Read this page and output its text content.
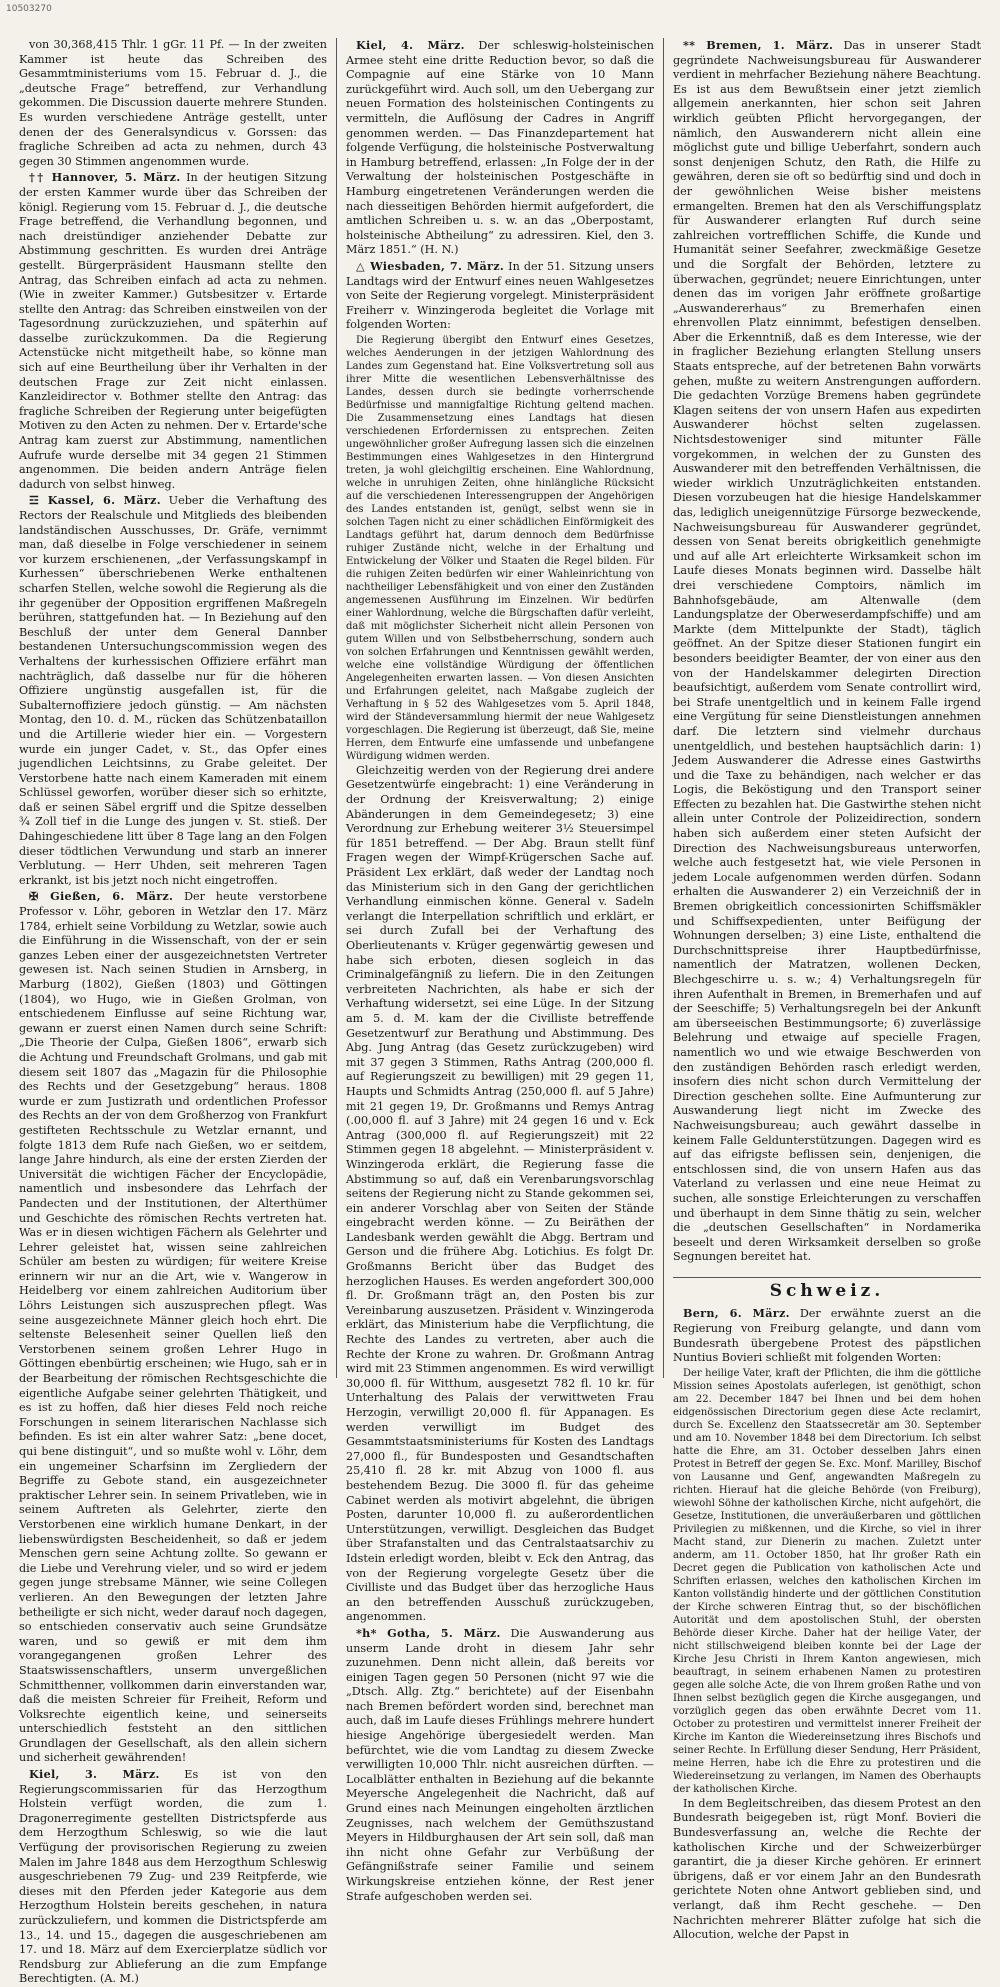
10503270

von 30,368,415 Thlr. 1 gGr. 11 Pf. — In der zweiten Kammer ist heute das Schreiben des Gesammtministeriums vom 15. Februar d. J., die „deutsche Frage“ betreffend, zur Verhandlung gekommen. Die Discussion dauerte mehrere Stunden. Es wurden verschiedene Anträge gestellt, unter denen der des Generalsyndicus v. Gorssen: das fragliche Schreiben ad acta zu nehmen, durch 43 gegen 30 Stimmen angenommen wurde.

†† Hannover, 5. März. In der heutigen Sitzung der ersten Kammer wurde über das Schreiben der königl. Regierung vom 15. Februar d. J., die deutsche Frage betreffend, die Verhandlung begonnen, und nach dreistündiger anziehender Debatte zur Abstimmung geschritten. Es wurden drei Anträge gestellt. Bürgerpräsident Hausmann stellte den Antrag, das Schreiben einfach ad acta zu nehmen. (Wie in zweiter Kammer.) Gutsbesitzer v. Ertarde stellte den Antrag: das Schreiben einstweilen von der Tagesordnung zurückzuziehen, und späterhin auf dasselbe zurückzukommen. Da die Regierung Actenstücke nicht mitgetheilt habe, so könne man sich auf eine Beurtheilung über ihr Verhalten in der deutschen Frage zur Zeit nicht einlassen. Kanzleidirector v. Bothmer stellte den Antrag: das fragliche Schreiben der Regierung unter beigefügten Motiven zu den Acten zu nehmen. Der v. Ertarde'sche Antrag kam zuerst zur Abstimmung, namentlichen Aufrufe wurde derselbe mit 34 gegen 21 Stimmen angenommen. Die beiden andern Anträge fielen dadurch von selbst hinweg.

☲ Kassel, 6. März. Ueber die Verhaftung des Rectors der Realschule und Mitglieds des bleibenden landständischen Ausschusses, Dr. Gräfe, vernimmt man, daß dieselbe in Folge verschiedener in seinem vor kurzem erschienenen, „der Verfassungskampf in Kurhessen“ überschriebenen Werke enthaltenen scharfen Stellen, welche sowohl die Regierung als die ihr gegenüber der Opposition ergriffenen Maßregeln berühren, stattgefunden hat. — In Beziehung auf den Beschluß der unter dem General Dannber bestandenen Untersuchungscommission wegen des Verhaltens der kurhessischen Offiziere erfährt man nachträglich, daß dasselbe nur für die höheren Offiziere ungünstig ausgefallen ist, für die Subalternoffiziere jedoch günstig. — Am nächsten Montag, den 10. d. M., rücken das Schützenbataillon und die Artillerie wieder hier ein. — Vorgestern wurde ein junger Cadet, v. St., das Opfer eines jugendlichen Leichtsinns, zu Grabe geleitet. Der Verstorbene hatte nach einem Kameraden mit einem Schlüssel geworfen, worüber dieser sich so erhitzte, daß er seinen Säbel ergriff und die Spitze desselben ¾ Zoll tief in die Lunge des jungen v. St. stieß. Der Dahingeschiedene litt über 8 Tage lang an den Folgen dieser tödtlichen Verwundung und starb an innerer Verblutung. — Herr Uhden, seit mehreren Tagen erkrankt, ist bis jetzt noch nicht eingetroffen.

✠ Gießen, 6. März. Der heute verstorbene Professor v. Löhr, geboren in Wetzlar den 17. März 1784, erhielt seine Vorbildung zu Wetzlar, sowie auch die Einführung in die Wissenschaft, von der er sein ganzes Leben einer der ausgezeichnetsten Vertreter gewesen ist. Nach seinen Studien in Arnsberg, in Marburg (1802), Gießen (1803) und Göttingen (1804), wo Hugo, wie in Gießen Grolman, von entschiedenem Einflusse auf seine Richtung war, gewann er zuerst einen Namen durch seine Schrift: „Die Theorie der Culpa, Gießen 1806“, erwarb sich die Achtung und Freundschaft Grolmans, und gab mit diesem seit 1807 das „Magazin für die Philosophie des Rechts und der Gesetzgebung“ heraus. 1808 wurde er zum Justizrath und ordentlichen Professor des Rechts an der von dem Großherzog von Frankfurt gestifteten Rechtsschule zu Wetzlar ernannt, und folgte 1813 dem Rufe nach Gießen, wo er seitdem, lange Jahre hindurch, als eine der ersten Zierden der Universität die wichtigen Fächer der Encyclopädie, namentlich und insbesondere das Lehrfach der Pandecten und der Institutionen, der Alterthümer und Geschichte des römischen Rechts vertreten hat. Was er in diesen wichtigen Fächern als Gelehrter und Lehrer geleistet hat, wissen seine zahlreichen Schüler am besten zu würdigen; für weitere Kreise erinnern wir nur an die Art, wie v. Wangerow in Heidelberg vor einem zahlreichen Auditorium über Löhrs Leistungen sich auszusprechen pflegt. Was seine ausgezeichnete Männer gleich hoch ehrt. Die seltenste Belesenheit seiner Quellen ließ den Verstorbenen seinem großen Lehrer Hugo in Göttingen ebenbürtig erscheinen; wie Hugo, sah er in der Bearbeitung der römischen Rechtsgeschichte die eigentliche Aufgabe seiner gelehrten Thätigkeit, und es ist zu hoffen, daß hier dieses Feld noch reiche Forschungen in seinem literarischen Nachlasse sich befinden. Es ist ein alter wahrer Satz: „bene docet, qui bene distinguit“, und so mußte wohl v. Löhr, dem ein ungemeiner Scharfsinn im Zergliedern der Begriffe zu Gebote stand, ein ausgezeichneter praktischer Lehrer sein. In seinem Privatleben, wie in seinem Auftreten als Gelehrter, zierte den Verstorbenen eine wirklich humane Denkart, in der liebenswürdigsten Bescheidenheit, so daß er jedem Menschen gern seine Achtung zollte. So gewann er die Liebe und Verehrung vieler, und so wird er jedem gegen junge strebsame Männer, wie seine Collegen verlieren. An den Bewegungen der letzten Jahre betheiligte er sich nicht, weder darauf noch dagegen, so entschieden conservativ auch seine Grundsätze waren, und so gewiß er mit dem ihm vorangegangenen großen Lehrer des Staatswissenschaftlers, unserm unvergeßlichen Schmitthenner, vollkommen darin einverstanden war, daß die meisten Schreier für Freiheit, Reform und Volksrechte eigentlich keine, und seinerseits unterschiedlich feststeht an den sittlichen Grundlagen der Gesellschaft, als den allein sichern und sicherheit gewährenden!

Kiel, 3. März. Es ist von den Regierungscommissarien für das Herzogthum Holstein verfügt worden, die zum 1. Dragonerregimente gestellten Districtspferde aus dem Herzogthum Schleswig, so wie die laut Verfügung der provisorischen Regierung zu zweien Malen im Jahre 1848 aus dem Herzogthum Schleswig ausgeschriebenen 79 Zug- und 239 Reitpferde, wie dieses mit den Pferden jeder Kategorie aus dem Herzogthum Holstein bereits geschehen, in natura zurückzuliefern, und kommen die Districtspferde am 13., 14. und 15., dagegen die ausgeschriebenen am 17. und 18. März auf dem Exercierplatze südlich vor Rendsburg zur Ablieferung an die zum Empfange Berechtigten. (A. M.)

Kiel, 4. März. Der schleswig-holsteinischen Armee steht eine dritte Reduction bevor, so daß die Compagnie auf eine Stärke von 10 Mann zurückgeführt wird. Auch soll, um den Uebergang zur neuen Formation des holsteinischen Contingents zu vermitteln, die Auflösung der Cadres in Angriff genommen werden. — Das Finanzdepartement hat folgende Verfügung, die holsteinische Postverwaltung in Hamburg betreffend, erlassen: „In Folge der in der Verwaltung der holsteinischen Postgeschäfte in Hamburg eingetretenen Veränderungen werden die nach diesseitigen Behörden hiermit aufgefordert, die amtlichen Schreiben u. s. w. an das „Oberpostamt, holsteinische Abtheilung“ zu adressiren. Kiel, den 3. März 1851.“ (H. N.)

△ Wiesbaden, 7. März. In der 51. Sitzung unsers Landtags wird der Entwurf eines neuen Wahlgesetzes von Seite der Regierung vorgelegt. Ministerpräsident Freiherr v. Winzingeroda begleitet die Vorlage mit folgenden Worten:

Die Regierung übergibt den Entwurf eines Gesetzes, welches Aenderungen in der jetzigen Wahlordnung des Landes zum Gegenstand hat. Eine Volksvertretung soll aus ihrer Mitte die wesentlichen Lebensverhältnisse des Landes, dessen durch sie bedingte vorherrschende Bedürfnisse und mannigfaltige Richtung geltend machen. Die Zusammensetzung eines Landtags hat diesen verschiedenen Erfordernissen zu entsprechen. Zeiten ungewöhnlicher großer Aufregung lassen sich die einzelnen Bestimmungen eines Wahlgesetzes in den Hintergrund treten, ja wohl gleichgiltig erscheinen. Eine Wahlordnung, welche in unruhigen Zeiten, ohne hinlängliche Rücksicht auf die verschiedenen Interessengruppen der Angehörigen des Landes entstanden ist, genügt, selbst wenn sie in solchen Tagen nicht zu einer schädlichen Einförmigkeit des Landtags geführt hat, darum dennoch dem Bedürfnisse ruhiger Zustände nicht, welche in der Erhaltung und Entwickelung der Völker und Staaten die Regel bilden. Für die ruhigen Zeiten bedürfen wir einer Wahleinrichtung von nachtheiliger Lebensfähigkeit und von einer den Zuständen angemessenen Ausführung im Einzelnen. Wir bedürfen einer Wahlordnung, welche die Bürgschaften dafür verleiht, daß mit möglichster Sicherheit nicht allein Personen von gutem Willen und von Selbstbeherrschung, sondern auch von solchen Erfahrungen und Kenntnissen gewählt werden, welche eine vollständige Würdigung der öffentlichen Angelegenheiten erwarten lassen. — Von diesen Ansichten und Erfahrungen geleitet, nach Maßgabe zugleich der Verhaftung in § 52 des Wahlgesetzes vom 5. April 1848, wird der Ständeversammlung hiermit der neue Wahlgesetz vorgeschlagen. Die Regierung ist überzeugt, daß Sie, meine Herren, dem Entwurfe eine umfassende und unbefangene Würdigung widmen werden.

Gleichzeitig werden von der Regierung drei andere Gesetzentwürfe eingebracht: 1) eine Veränderung in der Ordnung der Kreisverwaltung; 2) einige Abänderungen in dem Gemeindegesetz; 3) eine Verordnung zur Erhebung weiterer 3½ Steuersimpel für 1851 betreffend. — Der Abg. Braun stellt fünf Fragen wegen der Wimpf-Krügerschen Sache auf. Präsident Lex erklärt, daß weder der Landtag noch das Ministerium sich in den Gang der gerichtlichen Verhandlung einmischen könne. General v. Sadeln verlangt die Interpellation schriftlich und erklärt, er sei durch Zufall bei der Verhaftung des Oberlieutenants v. Krüger gegenwärtig gewesen und habe sich erboten, diesen sogleich in das Criminalgefängniß zu liefern. Die in den Zeitungen verbreiteten Nachrichten, als habe er sich der Verhaftung widersetzt, sei eine Lüge. In der Sitzung am 5. d. M. kam der die Civilliste betreffende Gesetzentwurf zur Berathung und Abstimmung. Des Abg. Jung Antrag (das Gesetz zurückzugeben) wird mit 37 gegen 3 Stimmen, Raths Antrag (200,000 fl. auf Regierungszeit zu bewilligen) mit 29 gegen 11, Haupts und Schmidts Antrag (250,000 fl. auf 5 Jahre) mit 21 gegen 19, Dr. Großmanns und Remys Antrag (.00,000 fl. auf 3 Jahre) mit 24 gegen 16 und v. Eck Antrag (300,000 fl. auf Regierungszeit) mit 22 Stimmen gegen 18 abgelehnt. — Ministerpräsident v. Winzingeroda erklärt, die Regierung fasse die Abstimmung so auf, daß ein Verenbarungsvorschlag seitens der Regierung nicht zu Stande gekommen sei, ein anderer Vorschlag aber von Seiten der Stände eingebracht werden könne. — Zu Beiräthen der Landesbank werden gewählt die Abgg. Bertram und Gerson und die frühere Abg. Lotichius. Es folgt Dr. Großmanns Bericht über das Budget des herzoglichen Hauses. Es werden angefordert 300,000 fl. Dr. Großmann trägt an, den Posten bis zur Vereinbarung auszusetzen. Präsident v. Winzingeroda erklärt, das Ministerium habe die Verpflichtung, die Rechte des Landes zu vertreten, aber auch die Rechte der Krone zu wahren. Dr. Großmann Antrag wird mit 23 Stimmen angenommen. Es wird verwilligt 30,000 fl. für Witthum, ausgesetzt 782 fl. 10 kr. für Unterhaltung des Palais der verwittweten Frau Herzogin, verwilligt 20,000 fl. für Appanagen. Es werden verwilligt im Budget des Gesammtstaatsministeriums für Kosten des Landtags 27,000 fl., für Bundesposten und Gesandtschaften 25,410 fl. 28 kr. mit Abzug von 1000 fl. aus bestehendem Bezug. Die 3000 fl. für das geheime Cabinet werden als motivirt abgelehnt, die übrigen Posten, darunter 10,000 fl. zu außerordentlichen Unterstützungen, verwilligt. Desgleichen das Budget über Strafanstalten und das Centralstaatsarchiv zu Idstein erledigt worden, bleibt v. Eck den Antrag, das von der Regierung vorgelegte Gesetz über die Civilliste und das Budget über das herzogliche Haus an den betreffenden Ausschuß zurückzugeben, angenommen.

*h* Gotha, 5. März. Die Auswanderung aus unserm Lande droht in diesem Jahr sehr zuzunehmen. Denn nicht allein, daß bereits vor einigen Tagen gegen 50 Personen (nicht 97 wie die „Dtsch. Allg. Ztg.“ berichtete) auf der Eisenbahn nach Bremen befördert worden sind, berechnet man auch, daß im Laufe dieses Frühlings mehrere hundert hiesige Angehörige übergesiedelt werden. Man befürchtet, wie die vom Landtag zu diesem Zwecke verwilligten 10,000 Thlr. nicht ausreichen dürften. — Localblätter enthalten in Beziehung auf die bekannte Meyersche Angelegenheit die Nachricht, daß auf Grund eines nach Meinungen eingeholten ärztlichen Zeugnisses, nach welchem der Gemüthszustand Meyers in Hildburghausen der Art sein soll, daß man ihn nicht ohne Gefahr zur Verbüßung der Gefängnißstrafe seiner Familie und seinem Wirkungskreise entziehen könne, der Rest jener Strafe aufgeschoben werden sei.

** Bremen, 1. März. Das in unserer Stadt gegründete Nachweisungsbureau für Auswanderer verdient in mehrfacher Beziehung nähere Beachtung. Es ist aus dem Bewußtsein einer jetzt ziemlich allgemein anerkannten, hier schon seit Jahren wirklich geübten Pflicht hervorgegangen, der nämlich, den Auswanderern nicht allein eine möglichst gute und billige Ueberfahrt, sondern auch sonst denjenigen Schutz, den Rath, die Hilfe zu gewähren, deren sie oft so bedürftig sind und doch in der gewöhnlichen Weise bisher meistens ermangelten. Bremen hat den als Verschiffungsplatz für Auswanderer erlangten Ruf durch seine zahlreichen vortrefflichen Schiffe, die Kunde und Humanität seiner Seefahrer, zweckmäßige Gesetze und die Sorgfalt der Behörden, letztere zu überwachen, gegründet; neuere Einrichtungen, unter denen das im vorigen Jahr eröffnete großartige „Auswandererhaus“ zu Bremerhafen einen ehrenvollen Platz einnimmt, befestigen denselben. Aber die Erkenntniß, daß es dem Interesse, wie der in fraglicher Beziehung erlangten Stellung unsers Staats entspreche, auf der betretenen Bahn vorwärts gehen, mußte zu weitern Anstrengungen auffordern. Die gedachten Vorzüge Bremens haben gegründete Klagen seitens der von unsern Hafen aus expedirten Auswanderer höchst selten zugelassen. Nichtsdestoweniger sind mitunter Fälle vorgekommen, in welchen der zu Gunsten des Auswanderer mit den betreffenden Verhältnissen, die wieder wirklich Unzuträglichkeiten entstanden. Diesen vorzubeugen hat die hiesige Handelskammer das, lediglich uneigennützige Fürsorge bezweckende, Nachweisungsbureau für Auswanderer gegründet, dessen von Senat bereits obrigkeitlich genehmigte und auf alle Art erleichterte Wirksamkeit schon im Laufe dieses Monats beginnen wird. Dasselbe hält drei verschiedene Comptoirs, nämlich im Bahnhofsgebäude, am Altenwalle (dem Landungsplatze der Oberweserdampfschiffe) und am Markte (dem Mittelpunkte der Stadt), täglich geöffnet. An der Spitze dieser Stationen fungirt ein besonders beeidigter Beamter, der von einer aus den von der Handelskammer delegirten Direction beaufsichtigt, außerdem vom Senate controllirt wird, bei Strafe unentgeltlich und in keinem Falle irgend eine Vergütung für seine Dienstleistungen annehmen darf. Die letztern sind vielmehr durchaus unentgeldlich, und bestehen hauptsächlich darin: 1) Jedem Auswanderer die Adresse eines Gastwirths und die Taxe zu behändigen, nach welcher er das Logis, die Beköstigung und den Transport seiner Effecten zu bezahlen hat. Die Gastwirthe stehen nicht allein unter Controle der Polizeidirection, sondern haben sich außerdem einer steten Aufsicht der Direction des Nachweisungsbureaus unterworfen, welche auch festgesetzt hat, wie viele Personen in jedem Locale aufgenommen werden dürfen. Sodann erhalten die Auswanderer 2) ein Verzeichniß der in Bremen obrigkeitlich concessionirten Schiffsmäkler und Schiffsexpedienten, unter Beifügung der Wohnungen derselben; 3) eine Liste, enthaltend die Durchschnittspreise ihrer Hauptbedürfnisse, namentlich der Matratzen, wollenen Decken, Blechgeschirre u. s. w.; 4) Verhaltungsregeln für ihren Aufenthalt in Bremen, in Bremerhafen und auf der Seeschiffe; 5) Verhaltungsregeln bei der Ankunft am überseeischen Bestimmungsorte; 6) zuverlässige Belehrung und etwaige auf specielle Fragen, namentlich wo und wie etwaige Beschwerden von den zuständigen Behörden rasch erledigt werden, insofern dies nicht schon durch Vermittelung der Direction geschehen sollte. Eine Aufmunterung zur Auswanderung liegt nicht im Zwecke des Nachweisungsbureau; auch gewährt dasselbe in keinem Falle Geldunterstützungen. Dagegen wird es auf das eifrigste beflissen sein, denjenigen, die entschlossen sind, die von unsern Hafen aus das Vaterland zu verlassen und eine neue Heimat zu suchen, alle sonstige Erleichterungen zu verschaffen und überhaupt in dem Sinne thätig zu sein, welcher die „deutschen Gesellschaften“ in Nordamerika beseelt und deren Wirksamkeit derselben so große Segnungen bereitet hat.

Schweiz.

Bern, 6. März. Der erwähnte zuerst an die Regierung von Freiburg gelangte, und dann vom Bundesrath übergebene Protest des päpstlichen Nuntius Bovieri schließt mit folgenden Worten:

Der heilige Vater, kraft der Pflichten, die ihm die göttliche Mission seines Apostolats auferlegen, ist genöthigt, schon am 22. December 1847 bei Ihnen und bei dem hohen eidgenössischen Directorium gegen diese Acte reclamirt, durch Se. Excellenz den Staatssecretär am 30. September und am 10. November 1848 bei dem Directorium. Ich selbst hatte die Ehre, am 31. October desselben Jahrs einen Protest in Betreff der gegen Se. Exc. Monf. Marilley, Bischof von Lausanne und Genf, angewandten Maßregeln zu richten. Hierauf hat die gleiche Behörde (von Freiburg), wiewohl Söhne der katholischen Kirche, nicht aufgehört, die Gesetze, Institutionen, die unveräußerbaren und göttlichen Privilegien zu mißkennen, und die Kirche, so viel in ihrer Macht stand, zur Dienerin zu machen. Zuletzt unter anderm, am 11. October 1850, hat Ihr großer Rath ein Decret gegen die Publication von katholischen Acte und Schriften erlassen, welches den katholischen Kirchen im Kanton vollständig hinderte und der göttlichen Constitution der Kirche schweren Eintrag thut, so der bischöflichen Autorität und dem apostolischen Stuhl, der obersten Behörde dieser Kirche. Daher hat der heilige Vater, der nicht stillschweigend bleiben konnte bei der Lage der Kirche Jesu Christi in Ihrem Kanton angewiesen, mich beauftragt, in seinem erhabenen Namen zu protestiren gegen alle solche Acte, die von Ihrem großen Rathe und von Ihnen selbst bezüglich gegen die Kirche ausgegangen, und vorzüglich gegen das oben erwähnte Decret vom 11. October zu protestiren und vermittelst innerer Freiheit der Kirche im Kanton die Wiedereinsetzung ihres Bischofs und seiner Rechte. In Erfüllung dieser Sendung, Herr Präsident, meine Herren, habe ich die Ehre zu protestiren und die Wiedereinsetzung zu verlangen, im Namen des Oberhaupts der katholischen Kirche.

In dem Begleitschreiben, das diesem Protest an den Bundesrath beigegeben ist, rügt Monf. Bovieri die Bundesverfassung an, welche die Rechte der katholischen Kirche und der Schweizerbürger garantirt, die ja dieser Kirche gehören. Er erinnert übrigens, daß er vor einem Jahr an den Bundesrath gerichtete Noten ohne Antwort geblieben sind, und verlangt, daß ihm Recht geschehe. — Den Nachrichten mehrerer Blätter zufolge hat sich die Allocution, welche der Papst in
